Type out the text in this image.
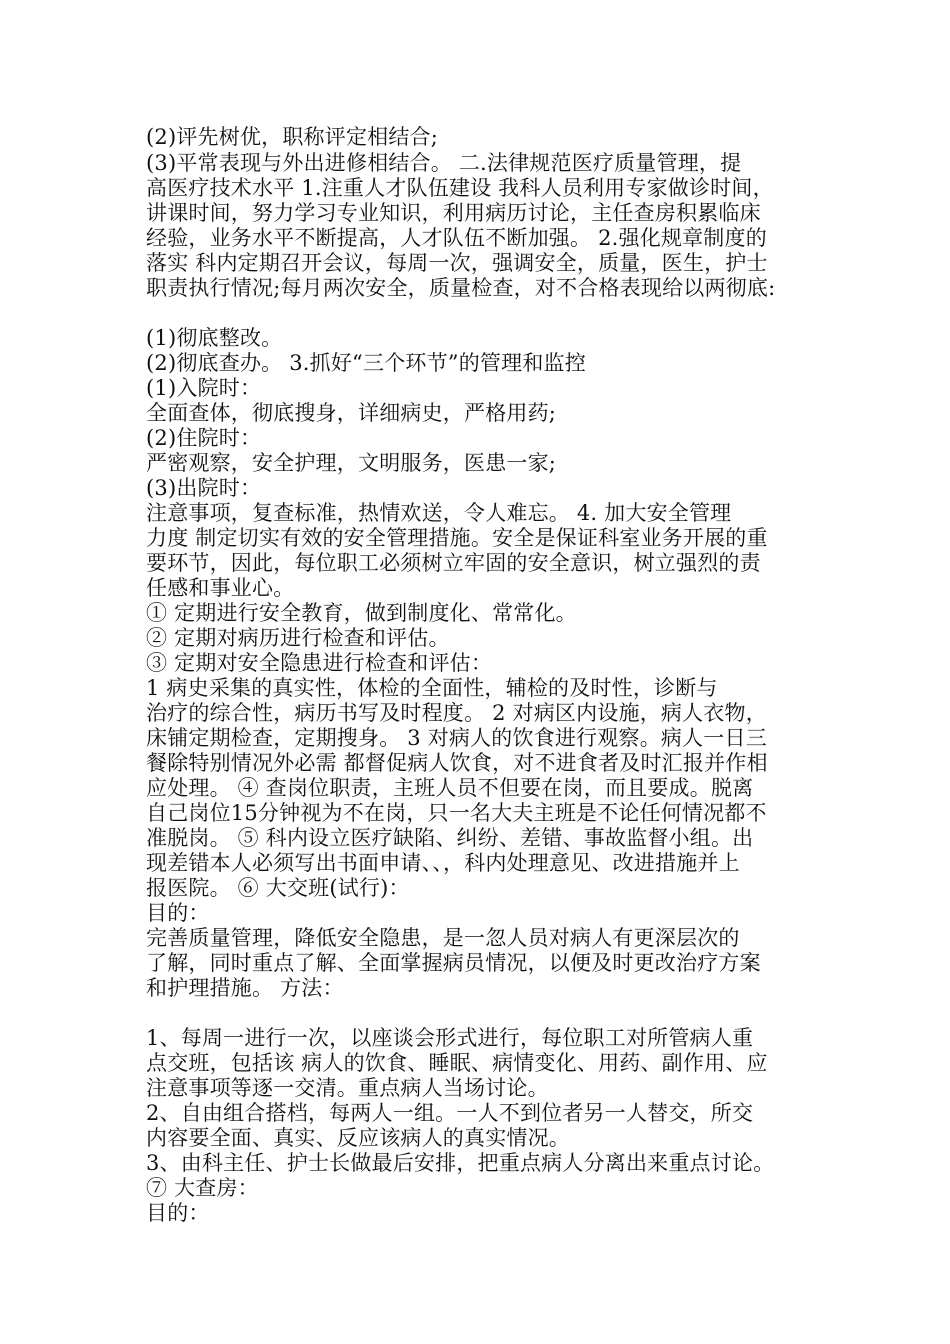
(2)评先树优，职称评定相结合;
(3)平常表现与外出进修相结合。 二.法律规范医疗质量管理，提
高医疗技术水平 1.注重人才队伍建设 我科人员利用专家做诊时间，
讲课时间，努力学习专业知识，利用病历讨论，主任查房积累临床
经验，业务水平不断提高，人才队伍不断加强。 2.强化规章制度的
落实 科内定期召开会议，每周一次，强调安全，质量，医生，护士
职责执行情况;每月两次安全，质量检查，对不合格表现给以两彻底:
(1)彻底整改。
(2)彻底查办。 3.抓好“三个环节”的管理和监控
(1)入院时：
全面查体，彻底搜身，详细病史，严格用药;
(2)住院时：
严密观察，安全护理，文明服务，医患一家;
(3)出院时：
注意事项，复查标准，热情欢送，令人难忘。 4. 加大安全管理
力度 制定切实有效的安全管理措施。安全是保证科室业务开展的重
要环节，因此，每位职工必须树立牢固的安全意识，树立强烈的责
任感和事业心。
① 定期进行安全教育，做到制度化、常常化。
② 定期对病历进行检查和评估。
③ 定期对安全隐患进行检查和评估：
1 病史采集的真实性，体检的全面性，辅检的及时性，诊断与
治疗的综合性，病历书写及时程度。 2 对病区内设施，病人衣物，
床铺定期检查，定期搜身。 3 对病人的饮食进行观察。病人一日三
餐除特别情况外必需 都督促病人饮食，对不进食者及时汇报并作相
应处理。 ④ 查岗位职责，主班人员不但要在岗，而且要成。脱离
自己岗位15分钟视为不在岗，只一名大夫主班是不论任何情况都不
准脱岗。 ⑤ 科内设立医疗缺陷、纠纷、差错、事故监督小组。出
现差错本人必须写出书面申请、、，科内处理意见、改进措施并上
报医院。 ⑥ 大交班(试行)：
目的：
完善质量管理，降低安全隐患，是一忽人员对病人有更深层次的
了解，同时重点了解、全面掌握病员情况，以便及时更改治疗方案
和护理措施。 方法：
1、每周一进行一次，以座谈会形式进行，每位职工对所管病人重
点交班，包括该 病人的饮食、睡眠、病情变化、用药、副作用、应
注意事项等逐一交清。重点病人当场讨论。
2、自由组合搭档，每两人一组。一人不到位者另一人替交，所交
内容要全面、真实、反应该病人的真实情况。
3、由科主任、护士长做最后安排，把重点病人分离出来重点讨论。
⑦ 大查房：
目的：
